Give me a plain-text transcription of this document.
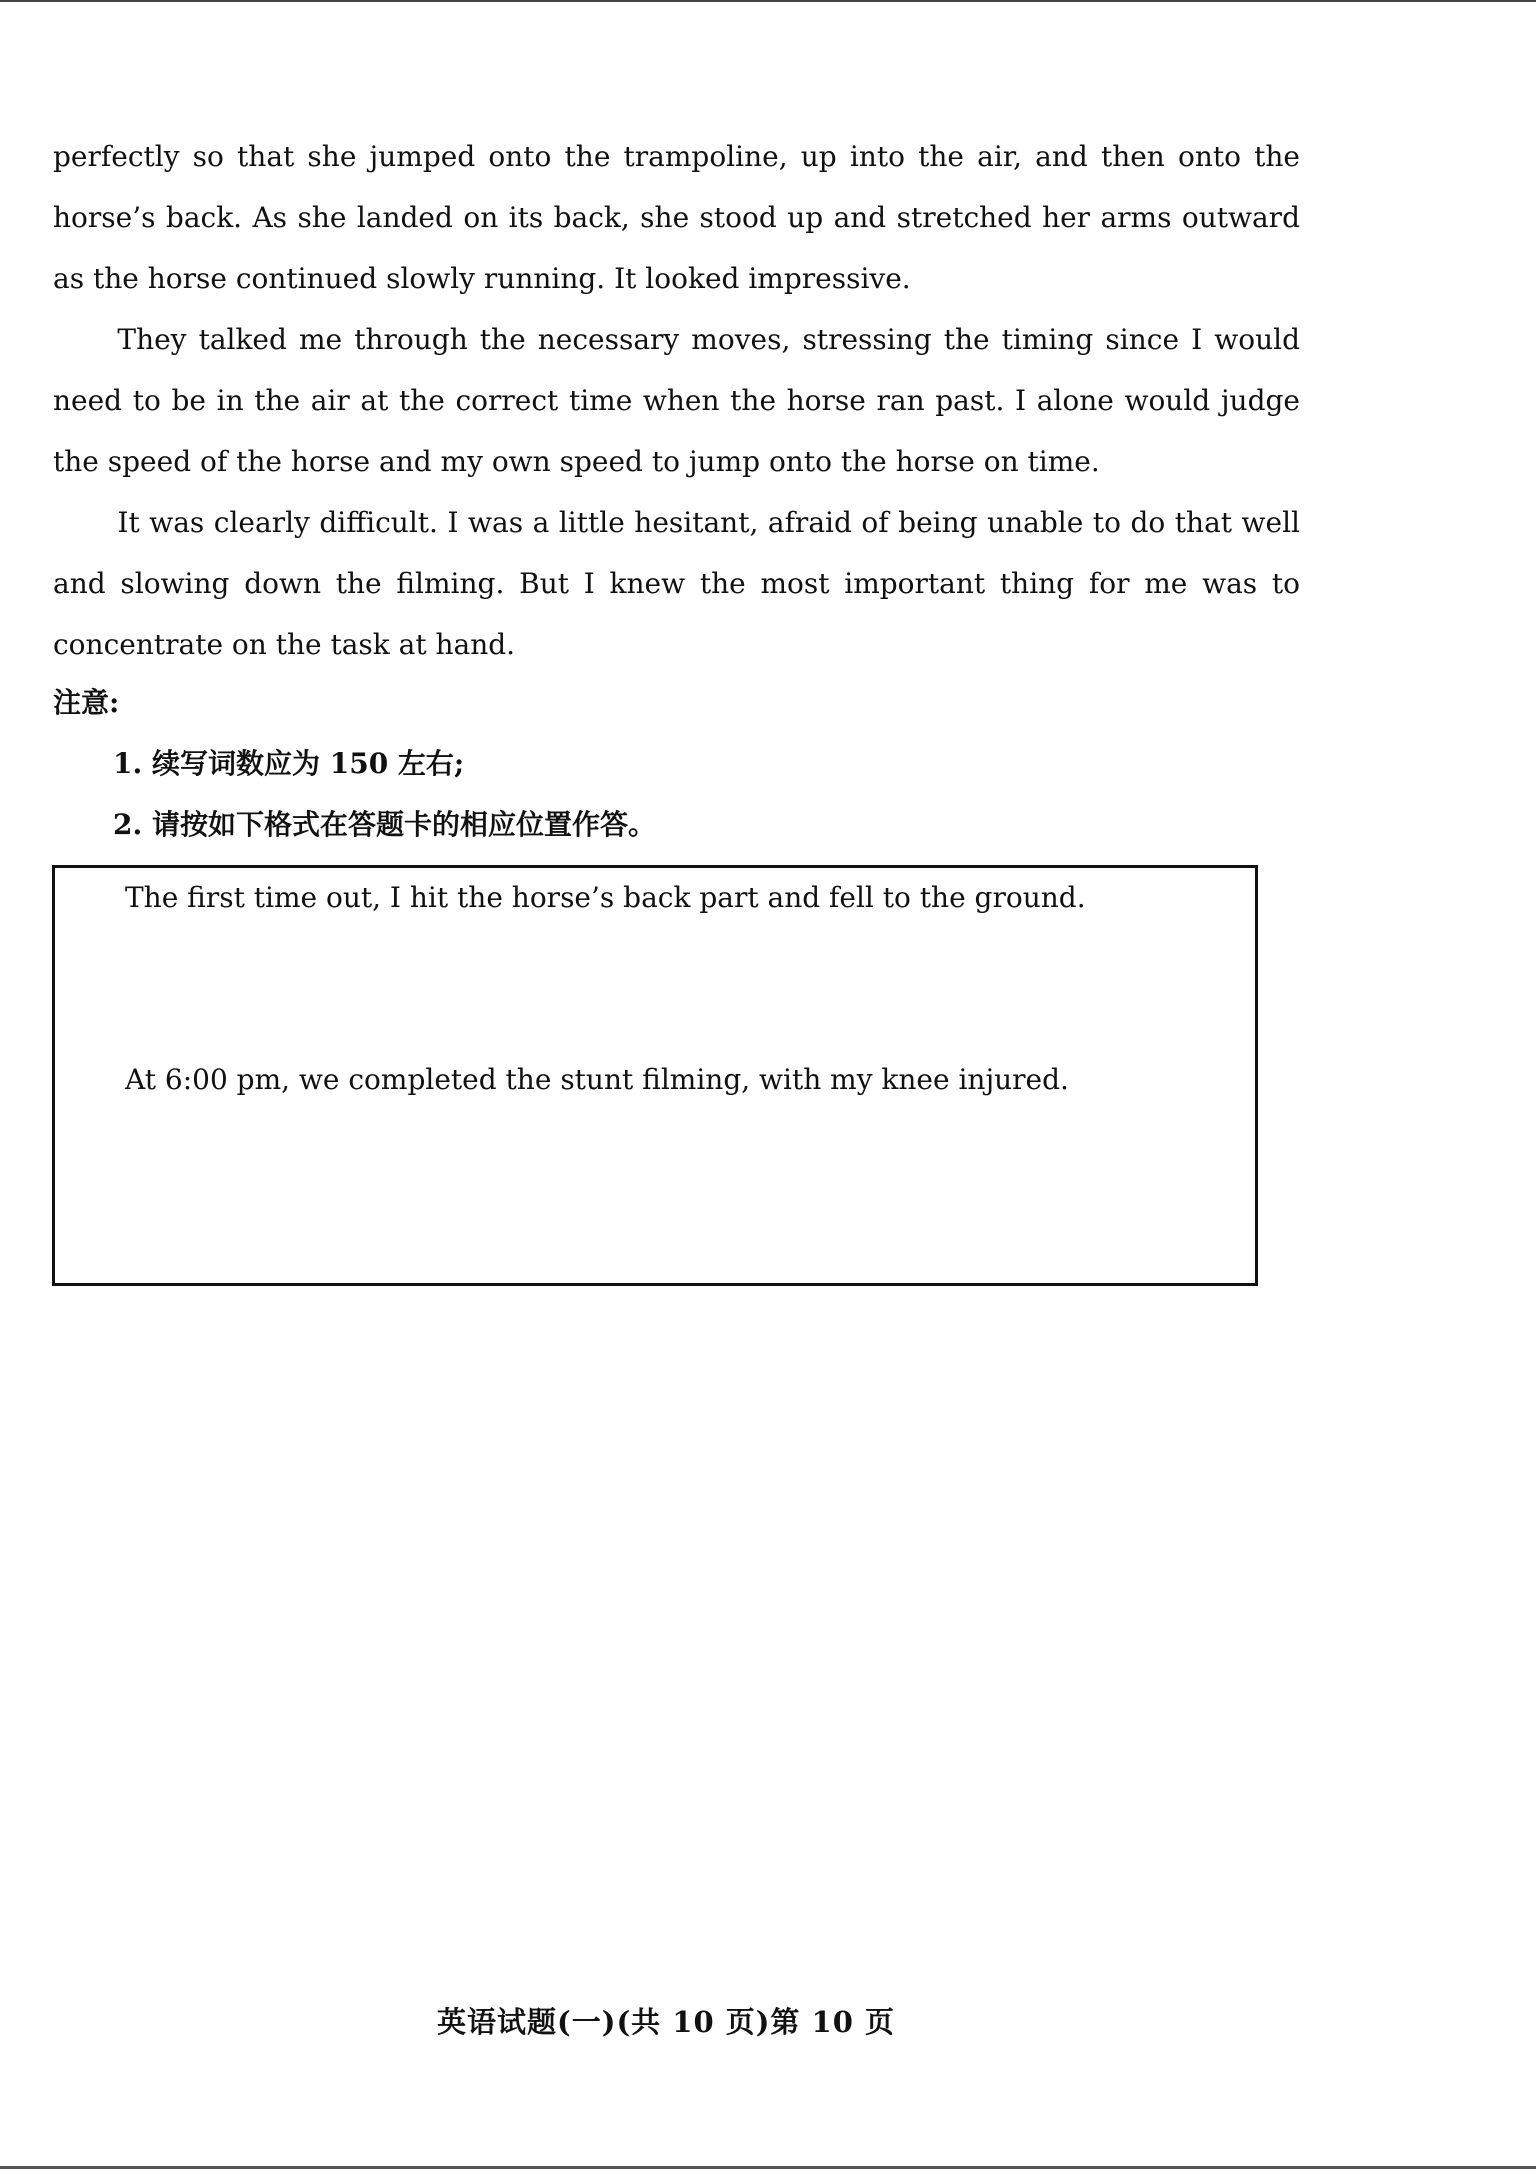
perfectly so that she jumped onto the trampoline, up into the air, and then onto the horse’s back. As she landed on its back, she stood up and stretched her arms outward as the horse continued slowly running. It looked impressive.

They talked me through the necessary moves, stressing the timing since I would need to be in the air at the correct time when the horse ran past. I alone would judge the speed of the horse and my own speed to jump onto the horse on time.

It was clearly difficult. I was a little hesitant, afraid of being unable to do that well and slowing down the filming. But I knew the most important thing for me was to concentrate on the task at hand.

注意:
1. 续写词数应为 150 左右;
2. 请按如下格式在答题卡的相应位置作答。
The first time out, I hit the horse’s back part and fell to the ground.
At 6:00 pm, we completed the stunt filming, with my knee injured.
英语试题(一)(共 10 页)第 10 页
